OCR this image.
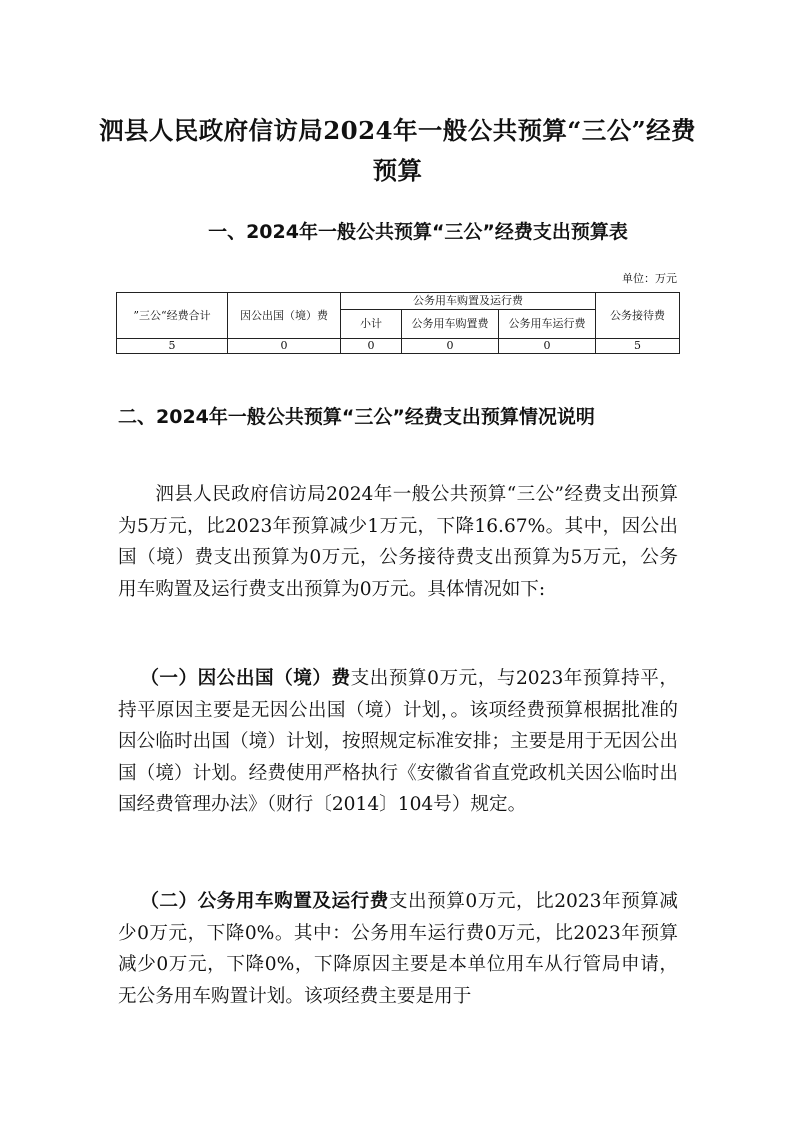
泗县人民政府信访局2024年一般公共预算“三公”经费预算
一、2024年一般公共预算“三公”经费支出预算表
单位：万元
”三公“经费合计	因公出国（境）费	公务用车购置及运行费			公务接待费
		小计	公务用车购置费	公务用车运行费	
5	0	0	0	0	5
二、2024年一般公共预算“三公”经费支出预算情况说明

泗县人民政府信访局2024年一般公共预算“三公”经费支出预算为5万元，比2023年预算减少1万元，下降16.67%。其中，因公出国（境）费支出预算为0万元，公务接待费支出预算为5万元，公务用车购置及运行费支出预算为0万元。具体情况如下:

（一）因公出国（境）费支出预算0万元，与2023年预算持平，持平原因主要是无因公出国（境）计划，。该项经费预算根据批准的因公临时出国（境）计划，按照规定标准安排；主要是用于无因公出国（境）计划。经费使用严格执行《安徽省省直党政机关因公临时出国经费管理办法》（财行〔2014〕104号）规定。

（二）公务用车购置及运行费支出预算0万元，比2023年预算减少0万元，下降0%。其中：公务用车运行费0万元，比2023年预算减少0万元，下降0%，下降原因主要是本单位用车从行管局申请，无公务用车购置计划。该项经费主要是用于
